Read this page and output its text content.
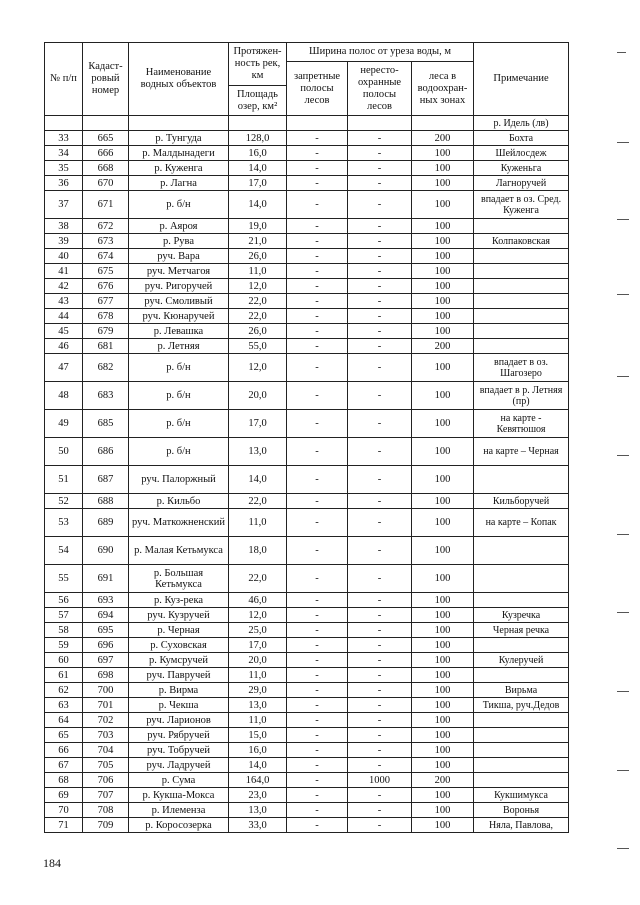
№ п/п	Кадаст-ровый номер	Наименование водных объектов	Протяжен-ность рек, км	Ширина полос от уреза воды, м			Примечание
				запретные полосы лесов	нересто-охранные полосы лесов	леса в водоохран-ных зонах	
			Площадь озер, км²				
							р. Идель (лв)
33	665	р. Тунгуда	128,0	-	-	200	Бохта
34	666	р. Малдынадеги	16,0	-	-	100	Шейлосдеж
35	668	р. Куженга	14,0	-	-	100	Куженьга
36	670	р. Лагна	17,0	-	-	100	Лагноручей
37	671	р. б/н	14,0	-	-	100	впадает в оз. Сред. Куженга
38	672	р. Аяроя	19,0	-	-	100	
39	673	р. Рува	21,0	-	-	100	Колпаковская
40	674	руч. Вара	26,0	-	-	100	
41	675	руч. Метчагоя	11,0	-	-	100	
42	676	руч. Ригоручей	12,0	-	-	100	
43	677	руч. Смоливый	22,0	-	-	100	
44	678	руч. Кюнаручей	22,0	-	-	100	
45	679	р. Левашка	26,0	-	-	100	
46	681	р. Летняя	55,0	-	-	200	
47	682	р. б/н	12,0	-	-	100	впадает в оз. Шагозеро
48	683	р. б/н	20,0	-	-	100	впадает в р. Летняя (пр)
49	685	р. б/н	17,0	-	-	100	на карте - Кевятюшоя
50	686	р. б/н	13,0	-	-	100	на карте – Черная
51	687	руч. Палоржный	14,0	-	-	100	
52	688	р. Кильбо	22,0	-	-	100	Кильборучей
53	689	руч. Маткожненский	11,0	-	-	100	на карте – Копак
54	690	р. Малая Кетьмукса	18,0	-	-	100	
55	691	р. Большая Кетьмукса	22,0	-	-	100	
56	693	р. Куз-река	46,0	-	-	100	
57	694	руч. Кузручей	12,0	-	-	100	Кузречка
58	695	р. Черная	25,0	-	-	100	Черная речка
59	696	р. Суховская	17,0	-	-	100	
60	697	р. Кумсручей	20,0	-	-	100	Кулеручей
61	698	руч. Павручей	11,0	-	-	100	
62	700	р. Вирма	29,0	-	-	100	Вирьма
63	701	р. Чекша	13,0	-	-	100	Тикша, руч.Дедов
64	702	руч. Ларионов	11,0	-	-	100	
65	703	руч. Рябручей	15,0	-	-	100	
66	704	руч. Тобручей	16,0	-	-	100	
67	705	руч. Ладручей	14,0	-	-	100	
68	706	р. Сума	164,0	-	1000	200	
69	707	р. Кукша-Мокса	23,0	-	-	100	Кукшимукса
70	708	р. Илеменза	13,0	-	-	100	Воронья
71	709	р. Коросозерка	33,0	-	-	100	Няла, Павлова,
184
